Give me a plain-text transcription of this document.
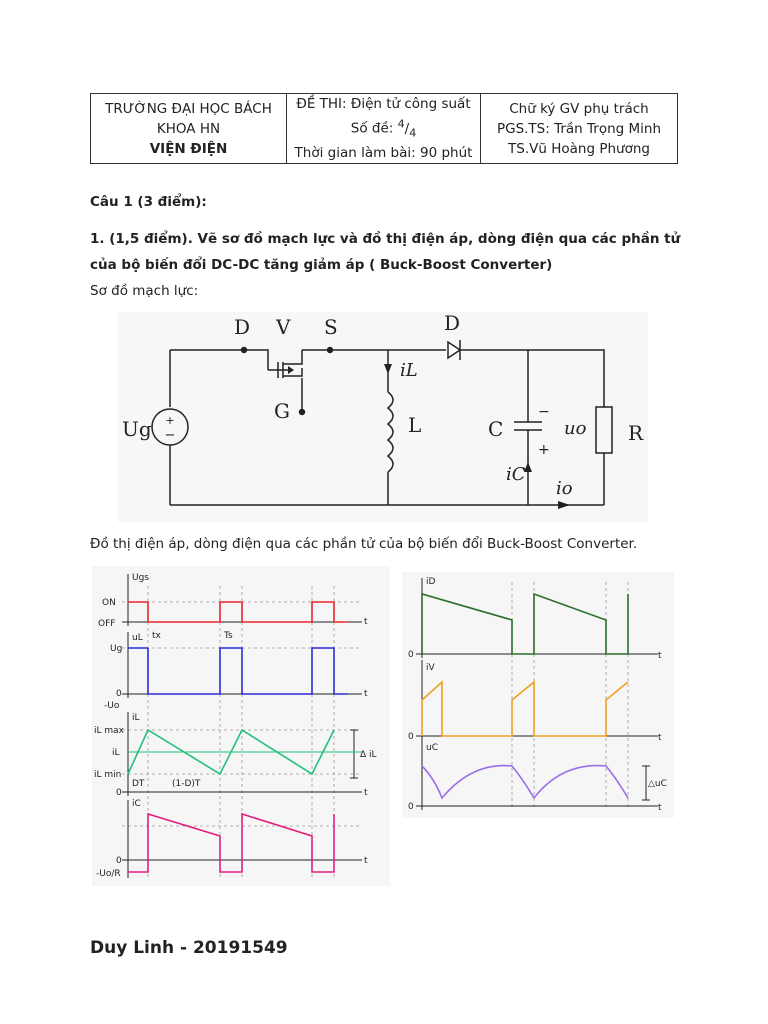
TRƯỜNG ĐẠI HỌC BÁCH
KHOA HN
VIỆN ĐIỆN

ĐỀ THI: Điện tử công suất
Số đề: $^4/_4$
Thời gian làm bài: 90 phút

Chữ ký GV phụ trách
PGS.TS: Trần Trọng Minh
TS.Vũ Hoàng Phương
Câu 1 (3 điểm):
1. (1,5 điểm). Vẽ sơ đồ mạch lực và đồ thị điện áp, dòng điện qua các phần tử của bộ biến đổi DC-DC tăng giảm áp ( Buck-Boost Converter)
Sơ đồ mạch lực:
+
−
D V S	D
Ug
G
iL
L	C
−
+
uo R
iC
io
Đồ thị điện áp, dòng điện qua các phần tử của bộ biến đổi Buck-Boost Converter.
Ugs
ON
OFF	t
uL tx	Ts
Ug
0
-Uo
t
iL
iL max
iL
iL min
0
DT	(1-D)T
Δ iL
t
iC
0
-Uo/R
t
iD
0	t
iV
0	t
uC
0
△uC
t
Duy Linh - 20191549
